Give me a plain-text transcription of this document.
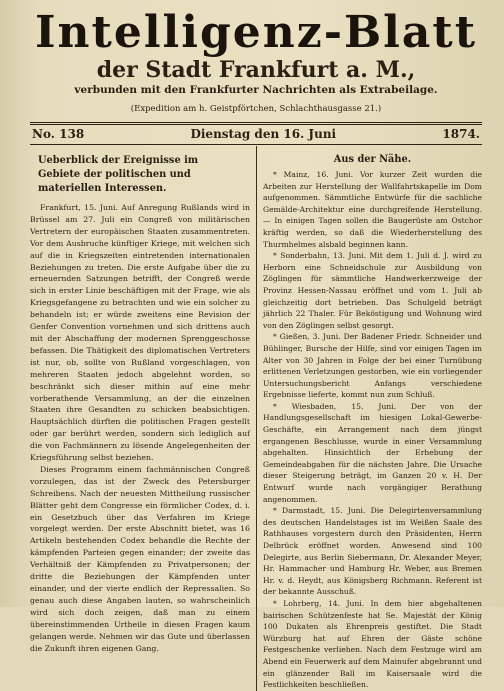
Intelligenz-Blatt
der Stadt Frankfurt a. M.,
verbunden mit den Frankfurter Nachrichten als Extrabeilage.
(Expedition am h. Geistpförtchen, Schlachthausgasse 21.)
No. 138	Dienstag den 16. Juni	1874.
Ueberblick der Ereignisse im Gebiete der politischen und materiellen Interessen.

Frankfurt, 15. Juni. Auf Anregung Rußlands wird in Brüssel am 27. Juli ein Congreß von militärischen Vertretern der europäischen Staaten zusammentreten. Vor dem Ausbruche künftiger Kriege, mit welchen sich auf die in Kriegszeiten eintretenden internationalen Beziehungen zu treten. Die erste Aufgabe über die zu erneuernden Satzungen betrifft, der Congreß werde sich in erster Linie beschäftigen mit der Frage, wie als Kriegsgefangene zu betrachten und wie ein solcher zu behandeln ist; er würde zweitens eine Revision der Genfer Convention vornehmen und sich drittens auch mit der Abschaffung der modernen Sprenggeschosse befassen. Die Thätigkeit des diplomatischen Vertreters ist nur, ob, sollte von Rußland vorgeschlagen, von mehreren Staaten jedoch abgelehnt worden, so beschränkt sich dieser mithin auf eine mehr vorberathende Versammlung, an der die einzelnen Staaten ihre Gesandten zu schicken beabsichtigen. Hauptsächlich dürften die politischen Fragen gestellt oder gar berührt werden, sondern sich lediglich auf die von Fachmännern zu lösende Angelegenheiten der Kriegsführung selbst beziehen.

Dieses Programm einem fachmännischen Congreß vorzulegen, das ist der Zweck des Petersburger Schreibens. Nach der neuesten Mittheilung russischer Blätter geht dem Congresse ein förmlicher Codex, d. i. ein Gesetzbuch über das Verfahren im Kriege vorgelegt werden. Der erste Abschnitt bietet, was 16 Artikeln bestehenden Codex behandle die Rechte der kämpfenden Parteien gegen einander; der zweite das Verhältniß der Kämpfenden zu Privatpersonen; der dritte die Beziehungen der Kämpfenden unter einander, und der vierte endlich der Repressalien. So genau auch diese Angaben lauten, so wahrscheinlich wird sich doch zeigen, daß man zu einem übereinstimmenden Urtheile in diesen Fragen kaum gelangen werde. Nehmen wir das Gute und überlassen die Zukunft ihren eigenen Gang.

Aus der Nähe.

* Mainz, 16. Juni. Vor kurzer Zeit wurden die Arbeiten zur Herstellung der Wallfahrtskapelle im Dom aufgenommen. Sämmtliche Entwürfe für die sachliche Gemälde-Architektur eine durchgreifende Herstellung. — In einigen Tagen sollen die Baugerüste am Ostchor kräftig werden, so daß die Wiederherstellung des Thurmhelmes alsbald beginnen kann.

* Sonderbahn, 13. Juni. Mit dem 1. Juli d. J. wird zu Herborn eine Schneidschule zur Ausbildung von Zöglingen für sämmtliche Handwerkerzweige der Provinz Hessen-Nassau eröffnet und vom 1. Juli ab gleichzeitig dort betrieben. Das Schulgeld beträgt jährlich 22 Thaler. Für Beköstigung und Wohnung wird von den Zöglingen selbst gesorgt.

* Gießen, 3. Juni. Der Badener Friedr. Schneider und Bühlinger, Bursche der Hilfe, sind vor einigen Tagen im Alter von 30 Jahren in Folge der bei einer Turnübung erlittenen Verletzungen gestorben, wie ein vorliegender Untersuchungsbericht Anfangs verschiedene Ergebnisse lieferte, kommt nun zum Schluß.

* Wiesbaden, 15. Juni. Der von der Handlungsgesellschaft im hiesigen Lokal-Gewerbe-Geschäfte, ein Arrangement nach dem jüngst ergangenen Beschlusse, wurde in einer Versammlung abgehalten. Hinsichtlich der Erhebung der Gemeindeabgaben für die nächsten Jahre. Die Ursache dieser Steigerung beträgt, im Ganzen 20 v. H. Der Entwurf wurde nach vorgängiger Berathung angenommen.

* Darmstadt, 15. Juni. Die Delegirtenversammlung des deutschen Handelstages ist im Weißen Saale des Rathhauses vorgestern durch den Präsidenten, Herrn Delbrück eröffnet worden. Anwesend sind 100 Delegirte, aus Berlin Siebermann, Dr. Alexander Meyer, Hr. Hammacher und Hamburg Hr. Weber, aus Bremen Hr. v. d. Heydt, aus Königsberg Richmann. Referent ist der bekannte Ausschuß.

* Lohrberg, 14. Juni. In dem hier abgehaltenen bairischen Schützenfeste hat Se. Majestät der König 100 Dukaten als Ehrenpreis gestiftet. Die Stadt Würzburg hat auf Ehren der Gäste schöne Festgeschenke verliehen. Nach dem Festzuge wird am Abend ein Feuerwerk auf dem Mainufer abgebrannt und ein glänzender Ball im Kaisersaale wird die Festlichkeiten beschließen.
